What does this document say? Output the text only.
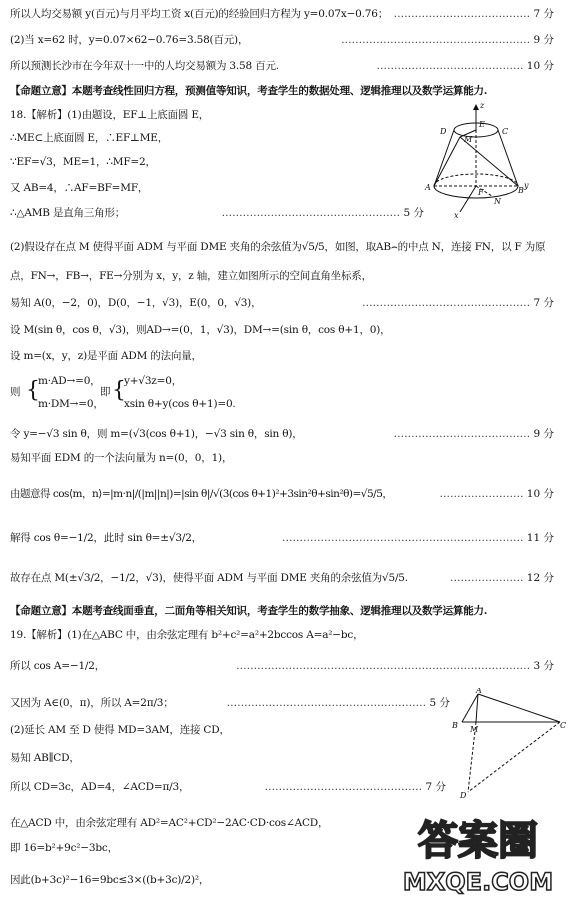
所以人均交易额 y(百元)与月平均工资 x(百元)的经验回归方程为 y=0.07x−0.76； ………………………………… 7 分
(2)当 x=62 时，y=0.07×62−0.76=3.58(百元)，	……………………………………………… 9 分
所以预测长沙市在今年双十一中的人均交易额为 3.58 百元.	…………………………………… 10 分
【命题立意】本题考查线性回归方程，预测值等知识，考查学生的数据处理、逻辑推理以及数学运算能力.
18.【解析】(1)由题设，EF⊥上底面圆 E，
∴ME⊂上底面圆 E，∴EF⊥ME，
∵EF=√3，ME=1，∴MF=2，
又 AB=4，∴AF=BF=MF，
∴△AMB 是直角三角形；	…………………………………………… 5 分
D	C
z
M
E
A
F
N
B
y
x
(2)假设存在点 M 使得平面 ADM 与平面 DME 夹角的余弦值为√5/5，如图，取AB⌢的中点 N，连接 FN，以 F 为原
点，FN→，FB→，FE→分别为 x，y，z 轴，建立如图所示的空间直角坐标系，
易知 A(0，−2，0)，D(0，−1，√3)，E(0，0，√3)，	………………………………………… 7 分
设 M(sin θ，cos θ，√3)，则AD→=(0，1，√3)，DM→=(sin θ，cos θ+1，0)，
设 m=(x，y，z)是平面 ADM 的法向量，
则 {
m·AD→=0，
m·DM→=0，
即 {
y+√3z=0，
xsin θ+y(cos θ+1)=0.
令 y=−√3 sin θ，则 m=(√3(cos θ+1)，−√3 sin θ，sin θ)，	………………………………… 9 分
易知平面 EDM 的一个法向量为 n=(0，0，1)，
由题意得 cos⟨m，n⟩=|m·n|/(|m||n|)=|sin θ|/√(3(cos θ+1)²+3sin²θ+sin²θ)=√5/5，	…………………… 10 分
解得 cos θ=−1/2，此时 sin θ=±√3/2，	…………………………………………………………… 11 分
故存在点 M(±√3/2，−1/2，√3)，使得平面 ADM 与平面 DME 夹角的余弦值为√5/5.	………………… 12 分
【命题立意】本题考查线面垂直，二面角等相关知识，考查学生的数学抽象、逻辑推理以及数学运算能力.
19.【解析】(1)在△ABC 中，由余弦定理有 b²+c²=a²+2bccos A=a²−bc，
所以 cos A=−1/2，	………………………………………………………………………… 3 分
又因为 A∈(0，π)，所以 A=2π/3；	………………………………………………… 5 分
A
B M	C
D
(2)延长 AM 至 D 使得 MD=3AM，连接 CD，
易知 AB∥CD，
所以 CD=3c，AD=4，∠ACD=π/3，	……………………………………… 7 分
在△ACD 中，由余弦定理有 AD²=AC²+CD²−2AC·CD·cos∠ACD，
即 16=b²+9c²−3bc，
因此(b+3c)²−16=9bc≤3×((b+3c)/2)²，
答案圈
MXQE.COM
